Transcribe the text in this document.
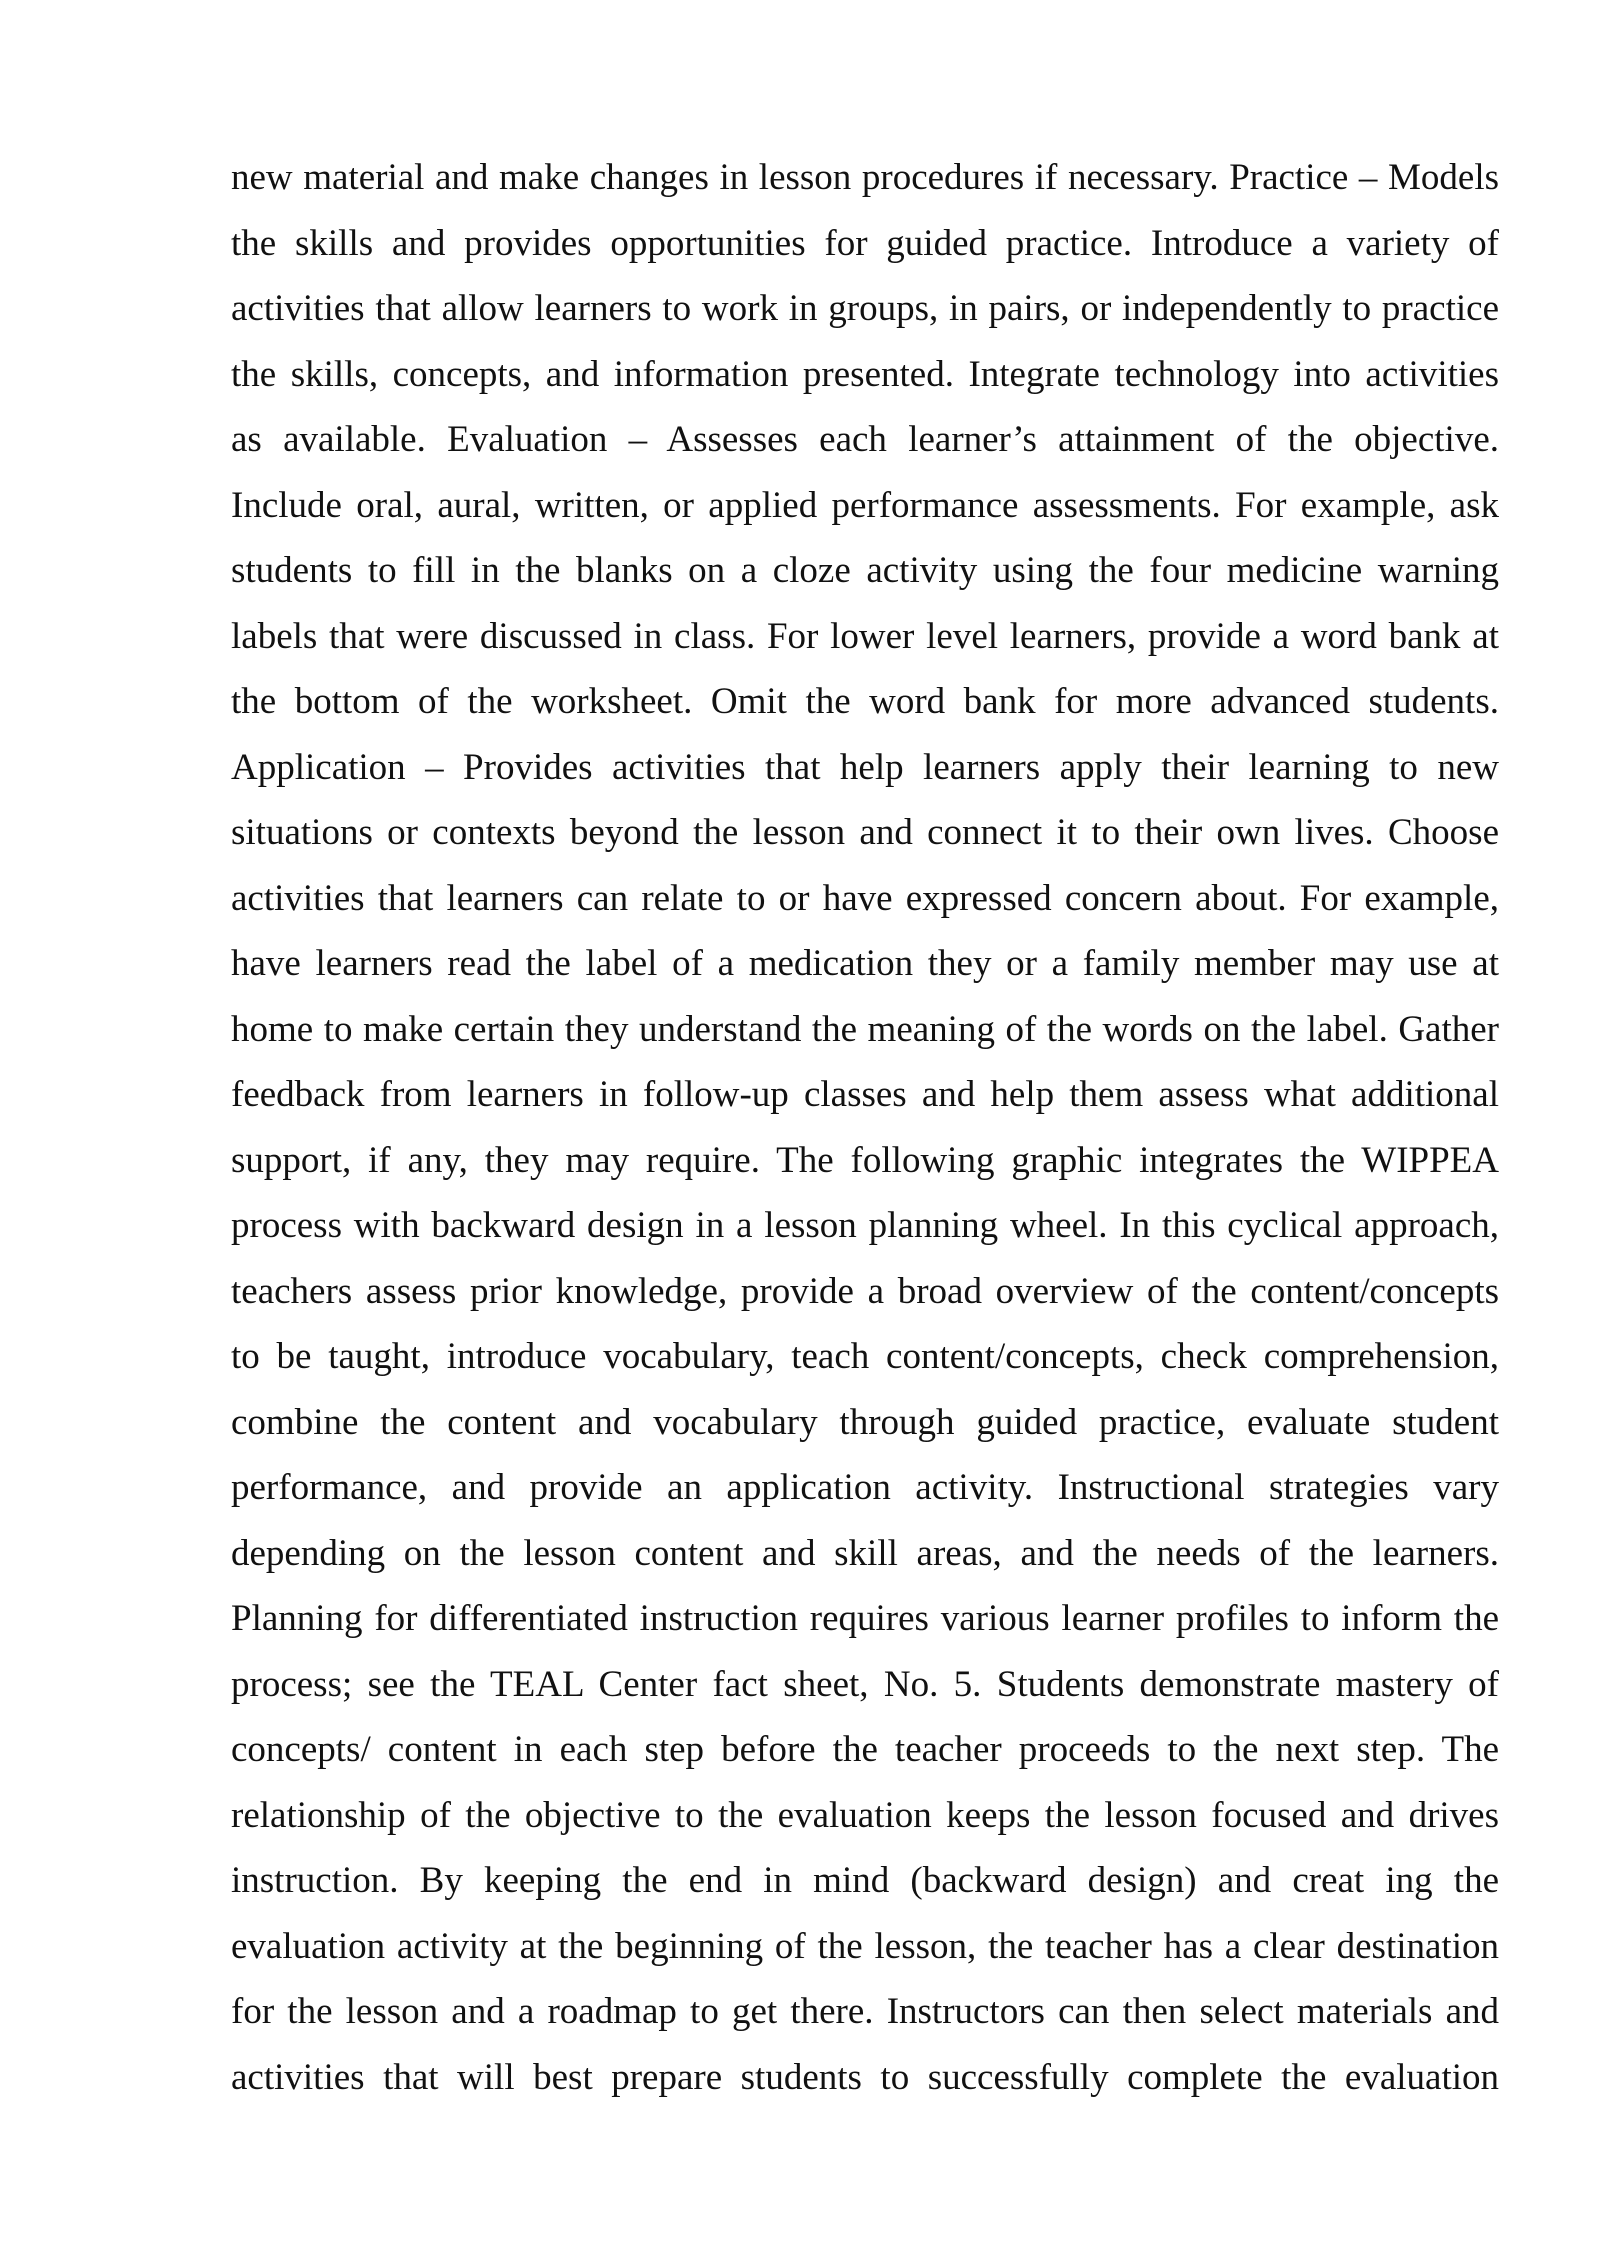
new material and make changes in lesson procedures if necessary. Practice – Models
the skills and provides opportunities for guided practice. Introduce a variety of
activities that allow learners to work in groups, in pairs, or independently to practice
the skills, concepts, and information presented. Integrate technology into activities
as available. Evaluation – Assesses each learner’s attainment of the objective.
Include oral, aural, written, or applied performance assessments. For example, ask
students to fill in the blanks on a cloze activity using the four medicine warning
labels that were discussed in class. For lower level learners, provide a word bank at
the bottom of the worksheet. Omit the word bank for more advanced students.
Application – Provides activities that help learners apply their learning to new
situations or contexts beyond the lesson and connect it to their own lives. Choose
activities that learners can relate to or have expressed concern about. For example,
have learners read the label of a medication they or a family member may use at
home to make certain they understand the meaning of the words on the label. Gather
feedback from learners in follow-up classes and help them assess what additional
support, if any, they may require. The following graphic integrates the WIPPEA
process with backward design in a lesson planning wheel. In this cyclical approach,
teachers assess prior knowledge, provide a broad overview of the content/concepts
to be taught, introduce vocabulary, teach content/concepts, check comprehension,
combine the content and vocabulary through guided practice, evaluate student
performance, and provide an application activity. Instructional strategies vary
depending on the lesson content and skill areas, and the needs of the learners.
Planning for differentiated instruction requires various learner profiles to inform the
process; see the TEAL Center fact sheet, No. 5. Students demonstrate mastery of
concepts/ content in each step before the teacher proceeds to the next step. The
relationship of the objective to the evaluation keeps the lesson focused and drives
instruction. By keeping the end in mind (backward design) and creat ing the
evaluation activity at the beginning of the lesson, the teacher has a clear destination
for the lesson and a roadmap to get there. Instructors can then select materials and
activities that will best prepare students to successfully complete the evaluation
